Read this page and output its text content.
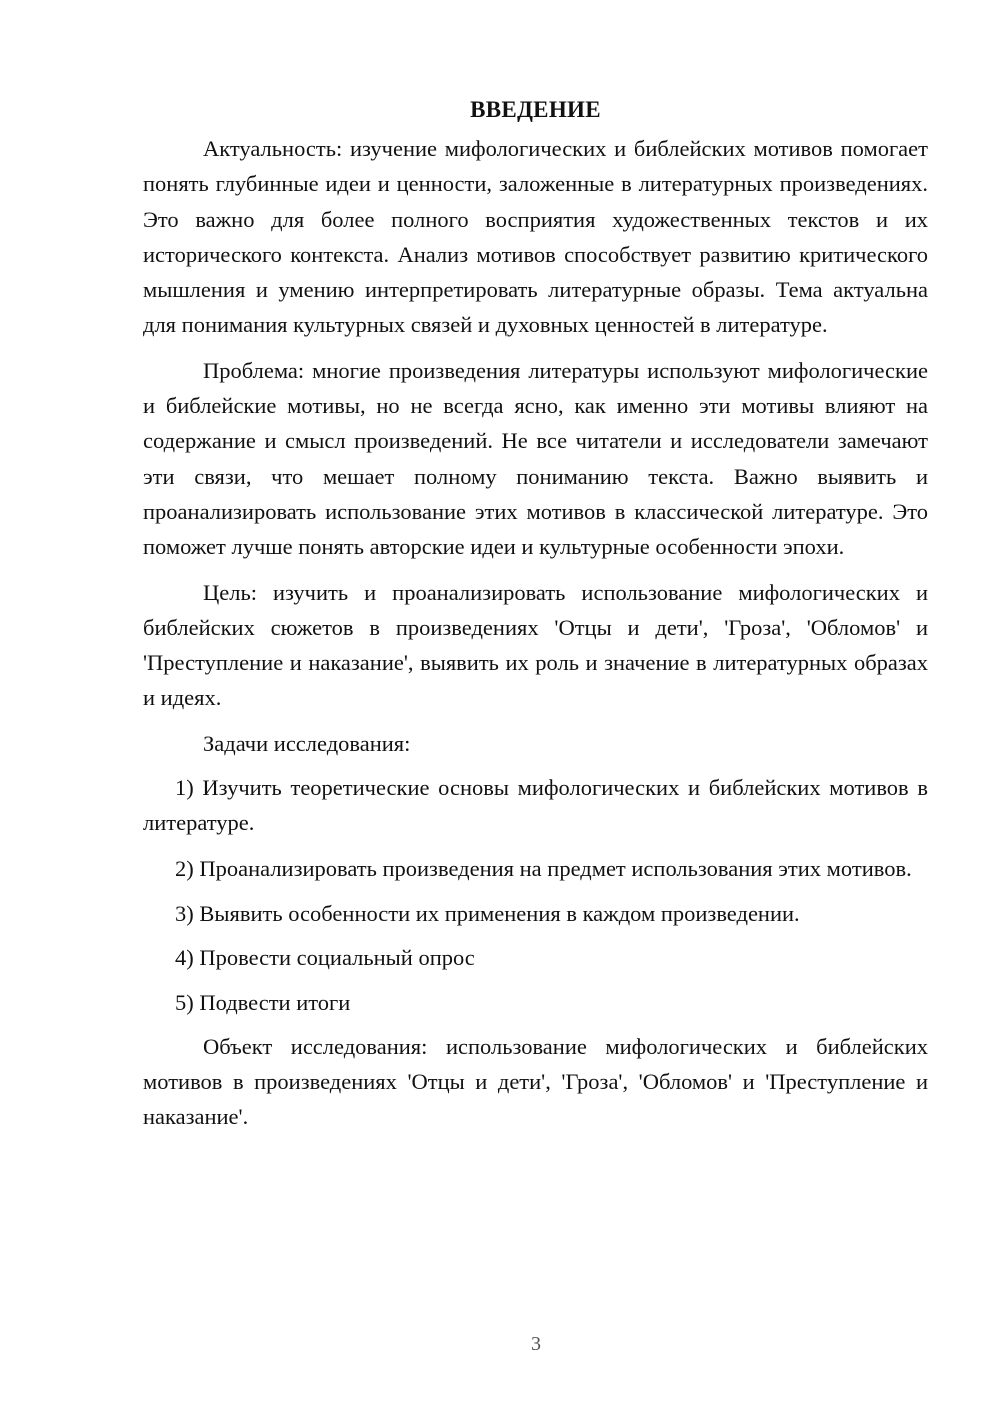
ВВЕДЕНИЕ

Актуальность: изучение мифологических и библейских мотивов помогает понять глубинные идеи и ценности, заложенные в литературных произведениях. Это важно для более полного восприятия художественных текстов и их исторического контекста. Анализ мотивов способствует развитию критического мышления и умению интерпретировать литературные образы. Тема актуальна для понимания культурных связей и духовных ценностей в литературе.

Проблема: многие произведения литературы используют мифологические и библейские мотивы, но не всегда ясно, как именно эти мотивы влияют на содержание и смысл произведений. Не все читатели и исследователи замечают эти связи, что мешает полному пониманию текста. Важно выявить и проанализировать использование этих мотивов в классической литературе. Это поможет лучше понять авторские идеи и культурные особенности эпохи.

Цель: изучить и проанализировать использование мифологических и библейских сюжетов в произведениях 'Отцы и дети', 'Гроза', 'Обломов' и 'Преступление и наказание', выявить их роль и значение в литературных образах и идеях.

Задачи исследования:

1) Изучить теоретические основы мифологических и библейских мотивов в литературе.

2) Проанализировать произведения на предмет использования этих мотивов.

3) Выявить особенности их применения в каждом произведении.

4) Провести социальный опрос

5) Подвести итоги

Объект исследования: использование мифологических и библейских мотивов в произведениях 'Отцы и дети', 'Гроза', 'Обломов' и 'Преступление и наказание'.

3
